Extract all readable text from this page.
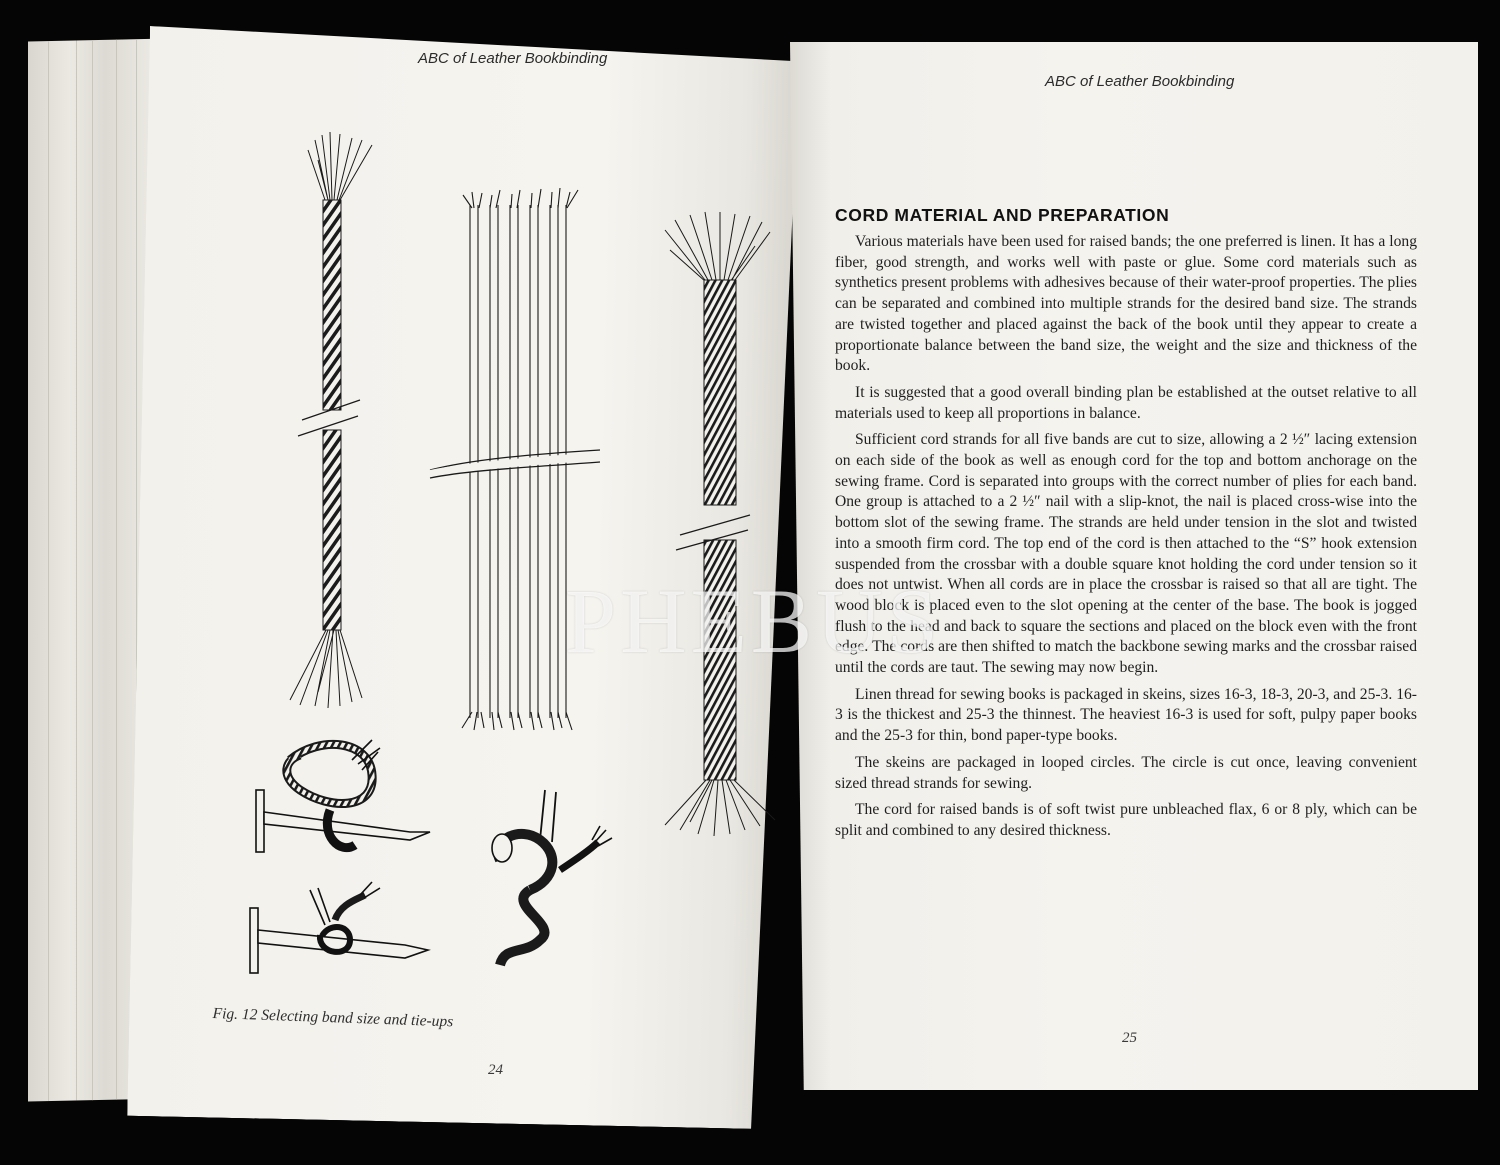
ABC of Leather Bookbinding
ABC of Leather Bookbinding
Fig. 12 Selecting band size and tie-ups
24
CORD MATERIAL AND PREPARATION

Various materials have been used for raised bands; the one preferred is linen. It has a long fiber, good strength, and works well with paste or glue. Some cord materials such as synthetics present problems with adhesives because of their water-proof properties. The plies can be separated and combined into multiple strands for the desired band size. The strands are twisted together and placed against the back of the book until they appear to create a proportionate balance between the band size, the weight and the size and thickness of the book.

It is suggested that a good overall binding plan be established at the outset relative to all materials used to keep all proportions in balance.

Sufficient cord strands for all five bands are cut to size, allowing a 2 ½″ lacing extension on each side of the book as well as enough cord for the top and bottom anchorage on the sewing frame. Cord is separated into groups with the correct number of plies for each band. One group is attached to a 2 ½″ nail with a slip-knot, the nail is placed cross-wise into the bottom slot of the sewing frame. The strands are held under tension in the slot and twisted into a smooth firm cord. The top end of the cord is then attached to the “S” hook extension suspended from the crossbar with a double square knot holding the cord under tension so it does not untwist. When all cords are in place the crossbar is raised so that all are tight. The wood block is placed even to the slot opening at the center of the base. The book is jogged flush to the head and back to square the sections and placed on the block even with the front edge. The cords are then shifted to match the backbone sewing marks and the crossbar raised until the cords are taut. The sewing may now begin.

Linen thread for sewing books is packaged in skeins, sizes 16-3, 18-3, 20-3, and 25-3. 16-3 is the thickest and 25-3 the thinnest. The heaviest 16-3 is used for soft, pulpy paper books and the 25-3 for thin, bond paper-type books.

The skeins are packaged in looped circles. The circle is cut once, leaving convenient sized thread strands for sewing.

The cord for raised bands is of soft twist pure unbleached flax, 6 or 8 ply, which can be split and combined to any desired thickness.

25
PHEBUS
